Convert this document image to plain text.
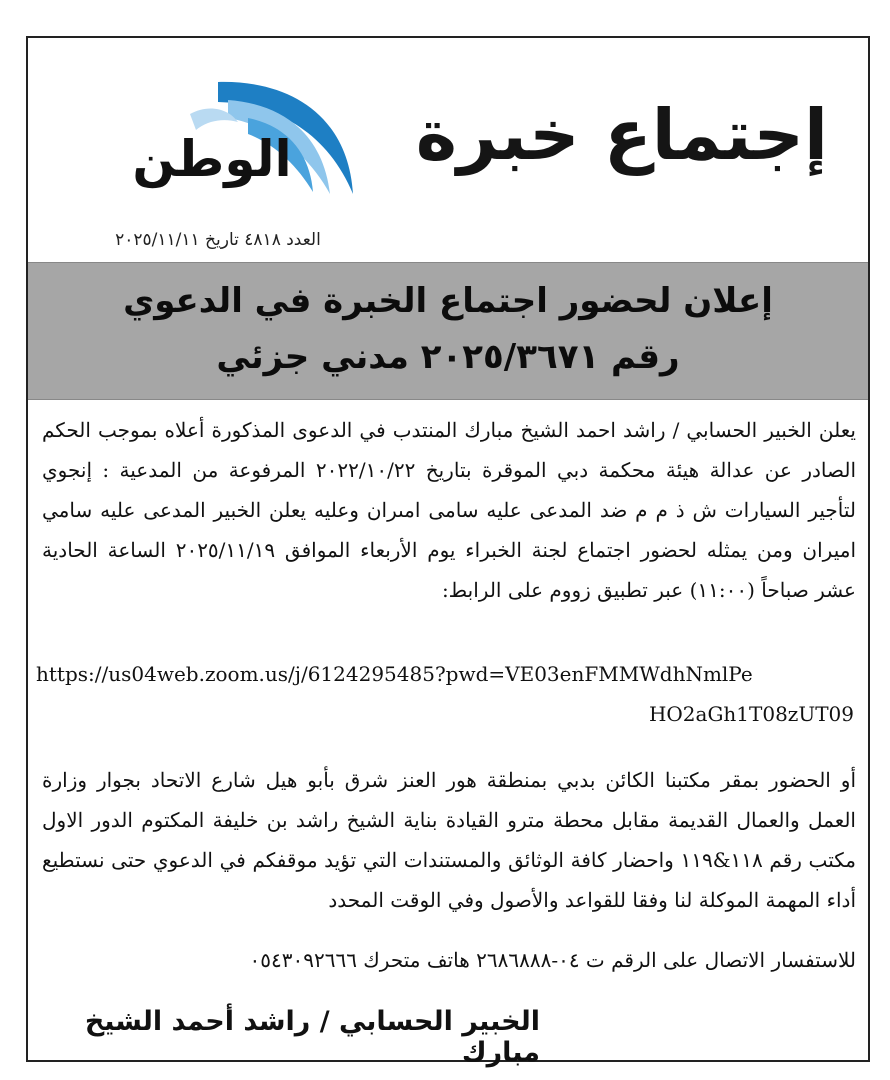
الوطن
العدد ٤٨١٨ تاريخ ٢٠٢٥/١١/١١
إجتماع خبرة
إعلان لحضور اجتماع الخبرة في الدعوي
رقم ٢٠٢٥/٣٦٧١ مدني جزئي

يعلن الخبير الحسابي / راشد احمد الشيخ مبارك المنتدب في الدعوى المذكورة أعلاه بموجب الحكم الصادر عن عدالة هيئة محكمة دبي الموقرة بتاريخ ٢٠٢٢/١٠/٢٢ المرفوعة من المدعية : إنجوي لتأجير السيارات ش ذ م م ضد المدعى عليه سامى امىران وعليه يعلن الخبير المدعى عليه سامي اميران ومن يمثله لحضور اجتماع لجنة الخبراء يوم الأربعاء الموافق ٢٠٢٥/١١/١٩ الساعة الحادية عشر صباحاً (١١:٠٠) عبر تطبيق زووم على الرابط:

https://us04web.zoom.us/j/6124295485?pwd=VE03enFMMWdhNmlPe
HO2aGh1T08zUT09

أو الحضور بمقر مكتبنا الكائن بدبي بمنطقة هور العنز شرق بأبو هيل شارع الاتحاد بجوار وزارة العمل والعمال القديمة مقابل محطة مترو القيادة بناية الشيخ راشد بن خليفة المكتوم الدور الاول مكتب رقم ١١٨&١١٩ واحضار كافة الوثائق والمستندات التي تؤيد موقفكم في الدعوي حتى نستطيع أداء المهمة الموكلة لنا وفقا للقواعد والأصول وفي الوقت المحدد

للاستفسار الاتصال على الرقم ت ٠٤-٢٦٨٦٨٨٨ هاتف متحرك ٠٥٤٣٠٩٢٦٦٦

الخبير الحسابي / راشد أحمد الشيخ مبارك
